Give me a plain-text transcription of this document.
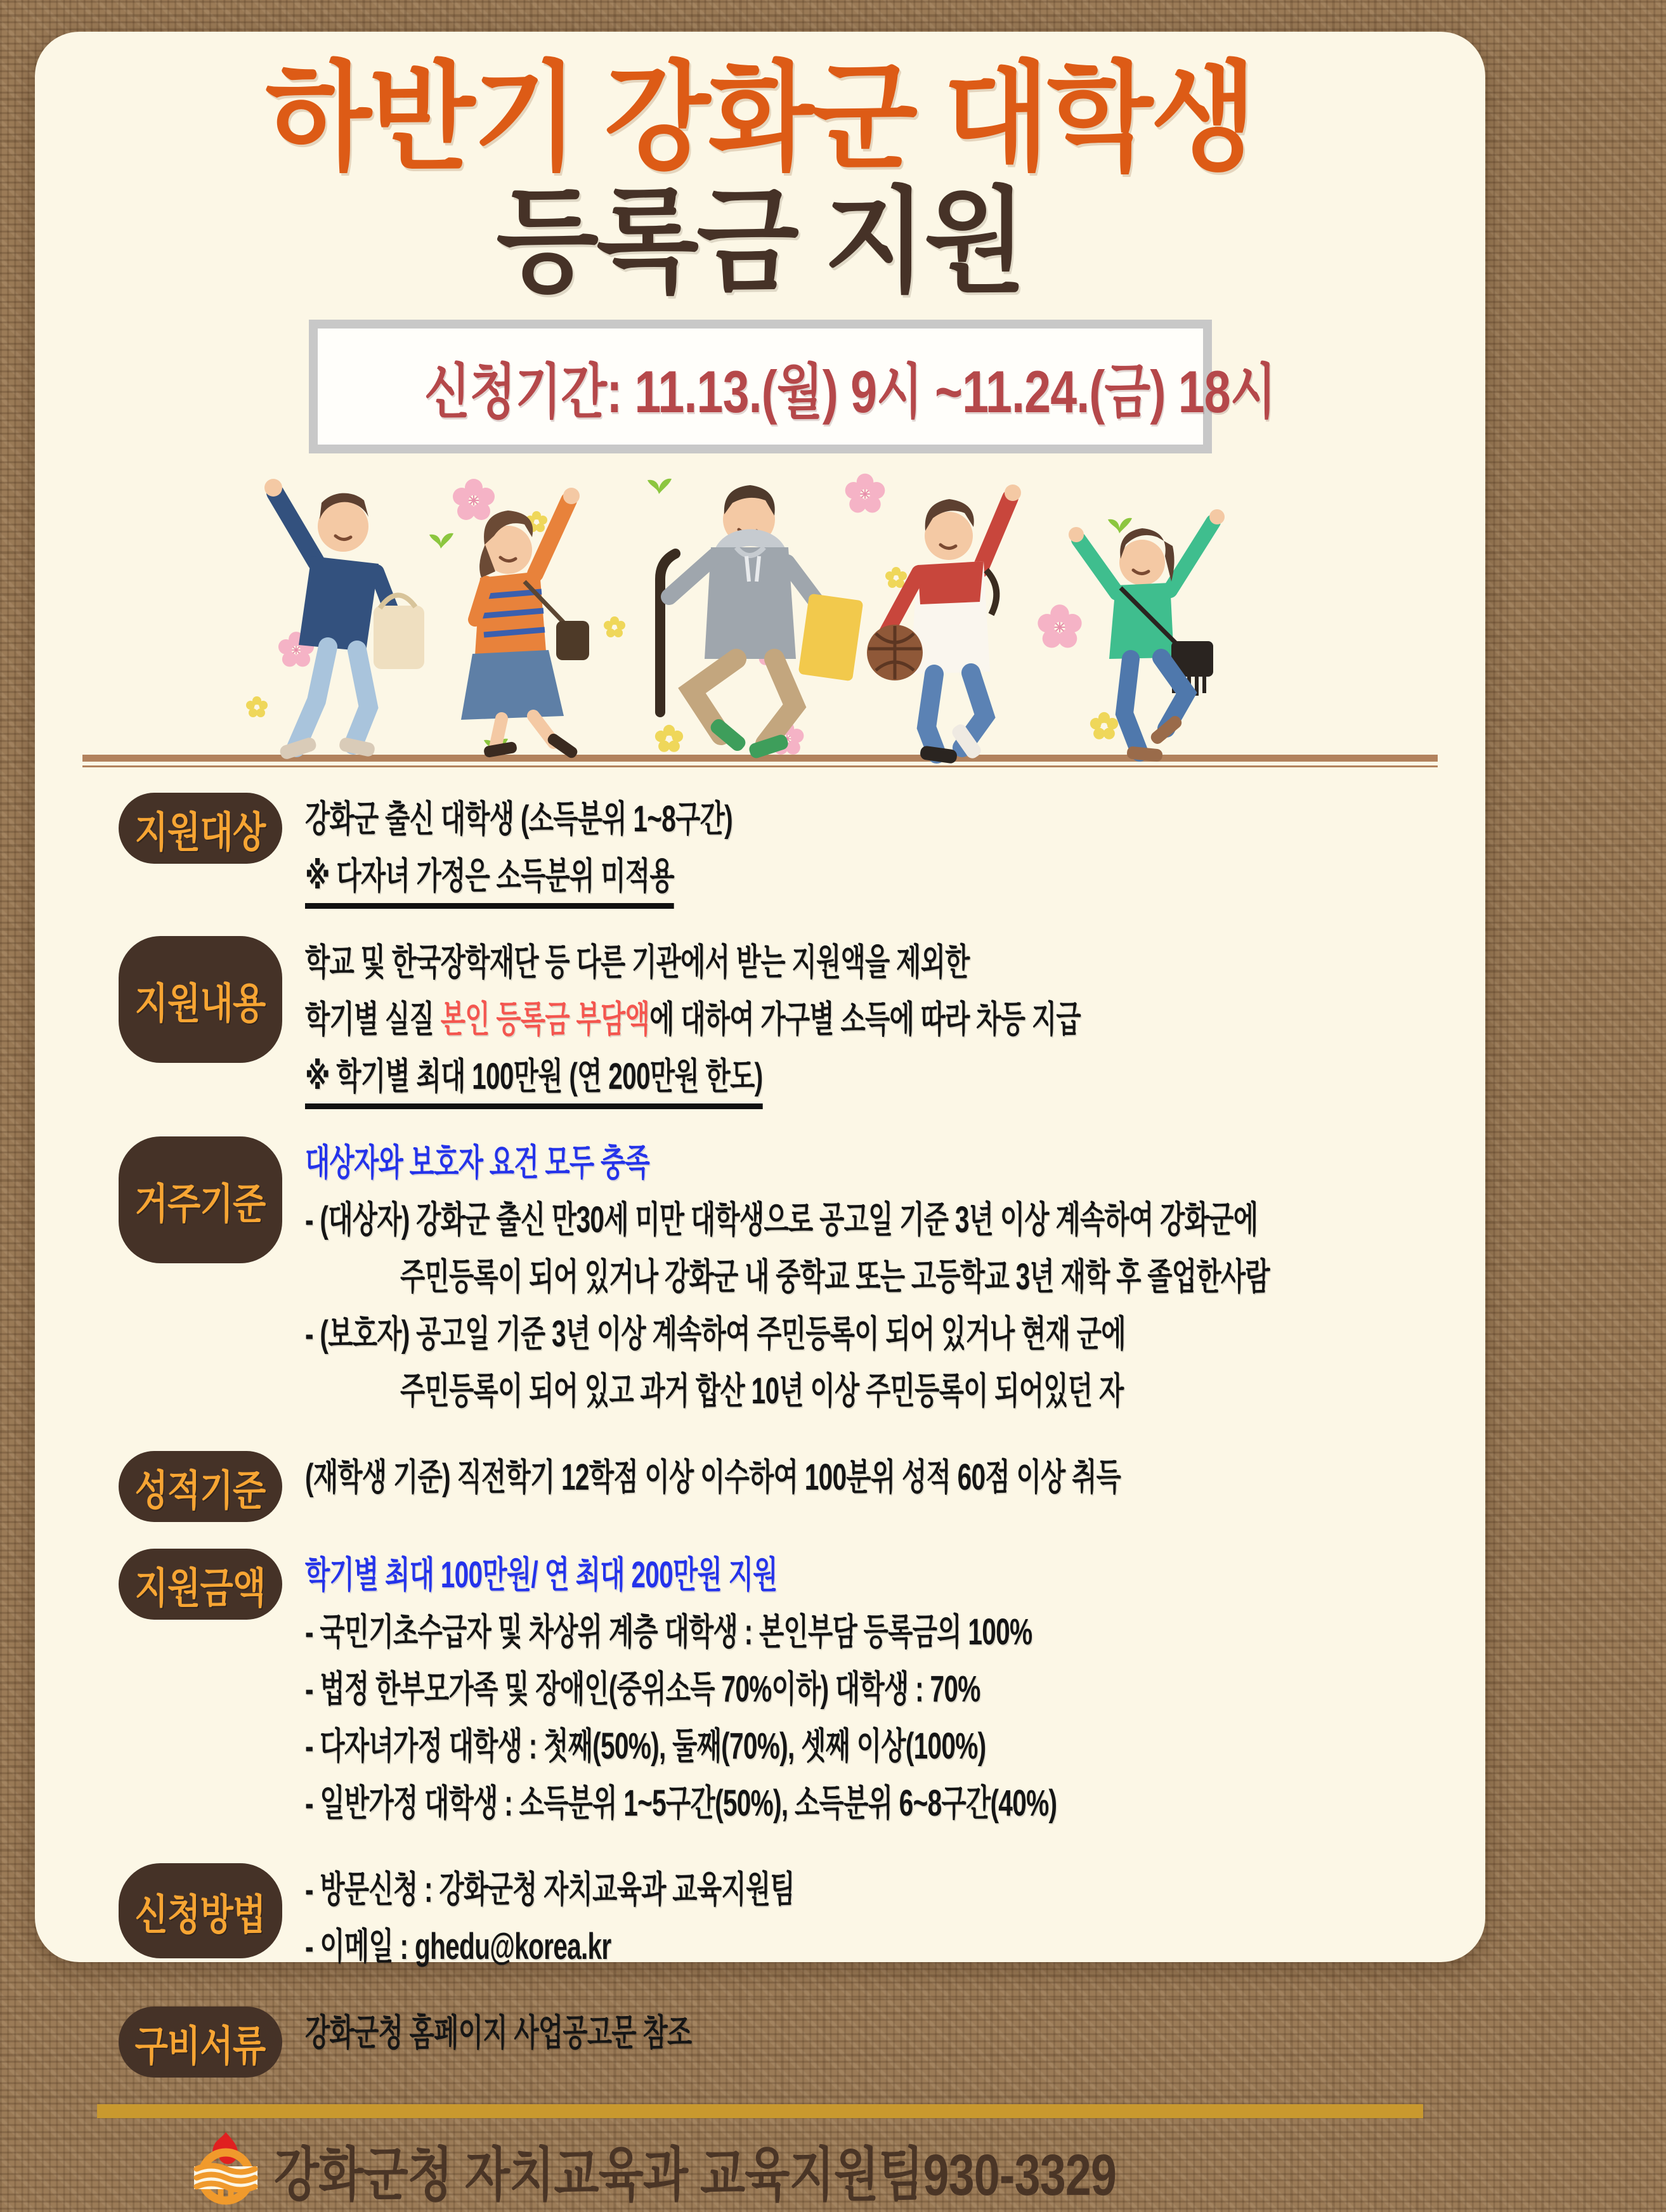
하반기 강화군 대학생
등록금 지원
신청기간: 11.13.(월) 9시 ~11.24.(금) 18시
지원대상 강화군 출신 대학생 (소득분위 1~8구간)
※ 다자녀 가정은 소득분위 미적용
지원내용
학교 및 한국장학재단 등 다른 기관에서 받는 지원액을 제외한
학기별 실질 본인 등록금 부담액에 대하여 가구별 소득에 따라 차등 지급
※ 학기별 최대 100만원 (연 200만원 한도)
거주기준
대상자와 보호자 요건 모두 충족
- (대상자) 강화군 출신 만30세 미만 대학생으로 공고일 기준 3년 이상 계속하여 강화군에
주민등록이 되어 있거나 강화군 내 중학교 또는 고등학교 3년 재학 후 졸업한사람
- (보호자) 공고일 기준 3년 이상 계속하여 주민등록이 되어 있거나 현재 군에
주민등록이 되어 있고 과거 합산 10년 이상 주민등록이 되어있던 자
성적기준 (재학생 기준) 직전학기 12학점 이상 이수하여 100분위 성적 60점 이상 취득
지원금액 학기별 최대 100만원/ 연 최대 200만원 지원
- 국민기초수급자 및 차상위 계층 대학생 : 본인부담 등록금의 100%
- 법정 한부모가족 및 장애인(중위소득 70%이하) 대학생 : 70%
- 다자녀가정 대학생 : 첫째(50%), 둘째(70%), 셋째 이상(100%)
- 일반가정 대학생 : 소득분위 1~5구간(50%), 소득분위 6~8구간(40%)
신청방법
- 방문신청 : 강화군청 자치교육과 교육지원팀
- 이메일 : ghedu@korea.kr
구비서류 강화군청 홈페이지 사업공고문 참조
강화군청 자치교육과 교육지원팀930-3329
